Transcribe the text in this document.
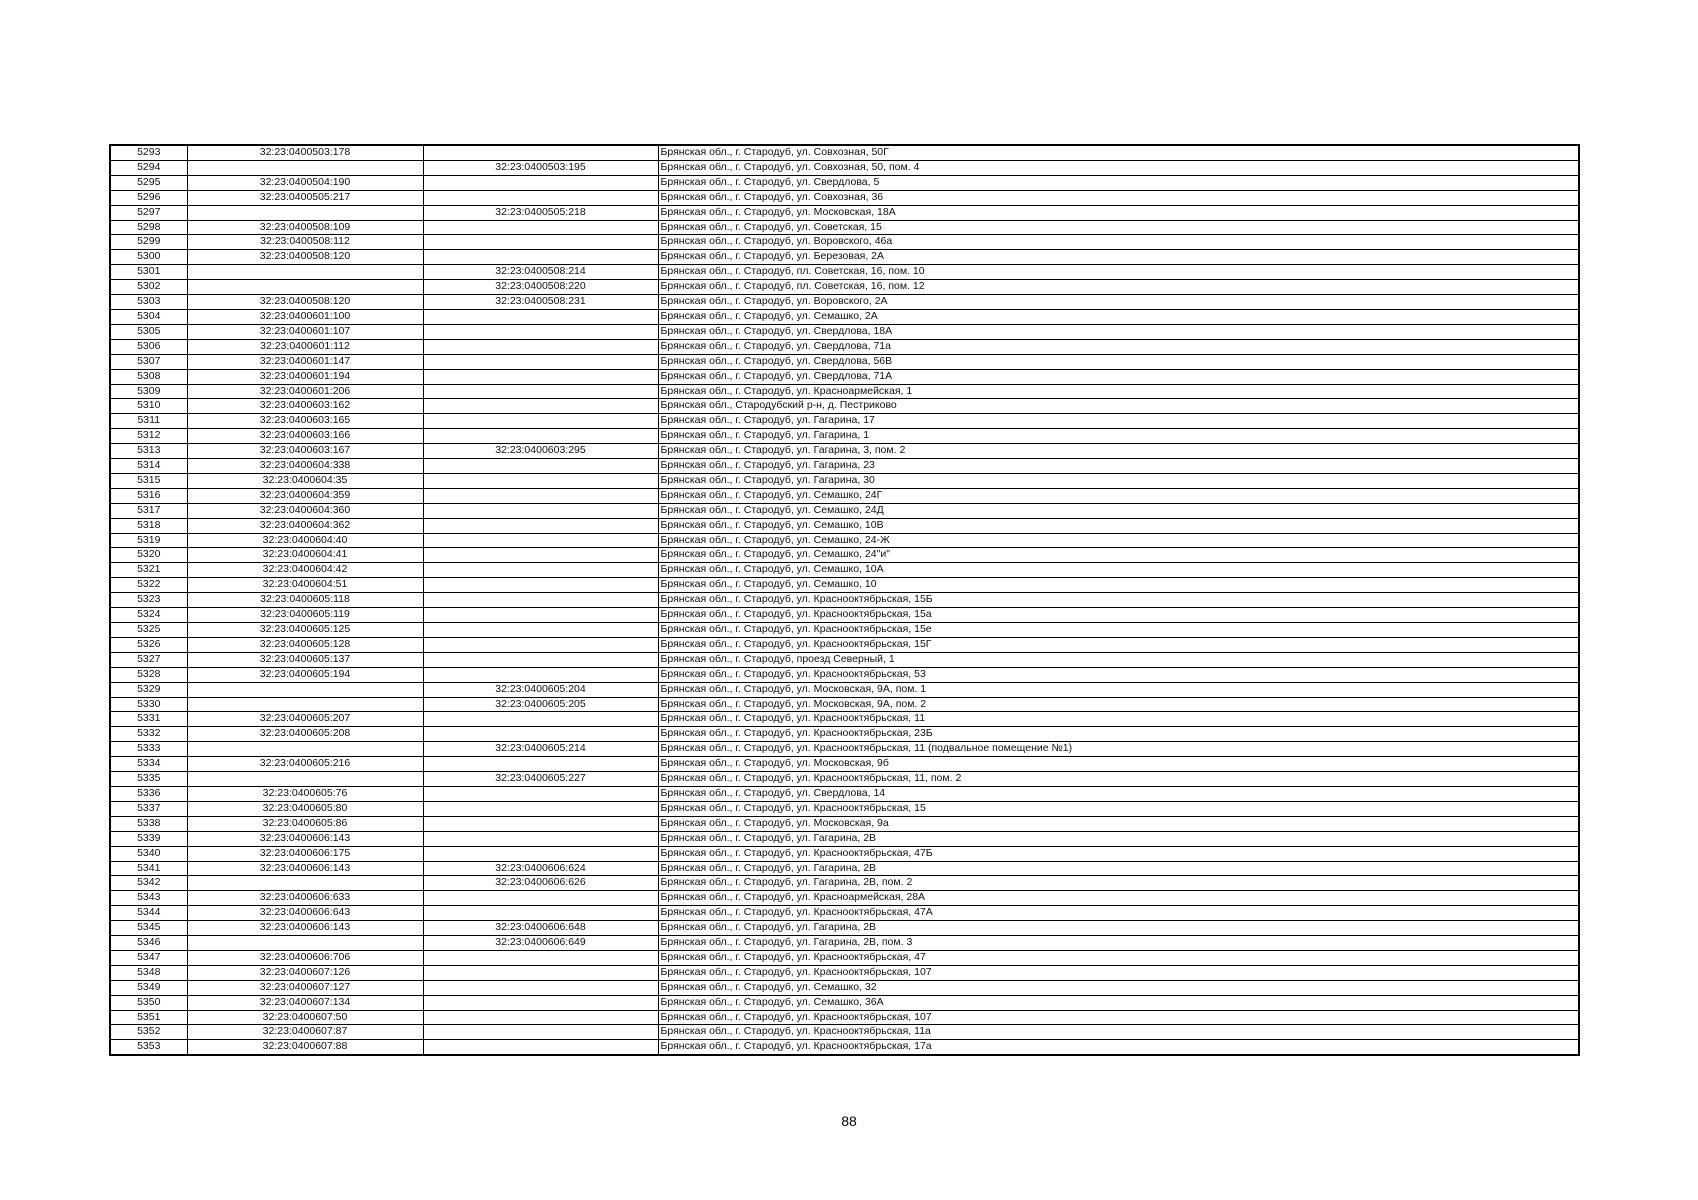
5293	32:23:0400503:178		Брянская обл., г. Стародуб, ул. Совхозная, 50Г
5294		32:23:0400503:195	Брянская обл., г. Стародуб, ул. Совхозная, 50, пом. 4
5295	32:23:0400504:190		Брянская обл., г. Стародуб, ул. Свердлова, 5
5296	32:23:0400505:217		Брянская обл., г. Стародуб, ул. Совхозная, 36
5297		32:23:0400505:218	Брянская обл., г. Стародуб, ул. Московская, 18А
5298	32:23:0400508:109		Брянская обл., г. Стародуб, ул. Советская, 15
5299	32:23:0400508:112		Брянская обл., г. Стародуб, ул. Воровского, 46а
5300	32:23:0400508:120		Брянская обл., г. Стародуб, ул. Березовая, 2А
5301		32:23:0400508:214	Брянская обл., г. Стародуб, пл. Советская, 16, пом. 10
5302		32:23:0400508:220	Брянская обл., г. Стародуб, пл. Советская, 16, пом. 12
5303	32:23:0400508:120	32:23:0400508:231	Брянская обл., г. Стародуб, ул. Воровского, 2А
5304	32:23:0400601:100		Брянская обл., г. Стародуб, ул. Семашко, 2А
5305	32:23:0400601:107		Брянская обл., г. Стародуб, ул. Свердлова, 18А
5306	32:23:0400601:112		Брянская обл., г. Стародуб, ул. Свердлова, 71а
5307	32:23:0400601:147		Брянская обл., г. Стародуб, ул. Свердлова, 56В
5308	32:23:0400601:194		Брянская обл., г. Стародуб, ул. Свердлова, 71А
5309	32:23:0400601:206		Брянская обл., г. Стародуб, ул. Красноармейская, 1
5310	32:23:0400603:162		Брянская обл., Стародубский р-н, д. Пестриково
5311	32:23:0400603:165		Брянская обл., г. Стародуб, ул. Гагарина, 17
5312	32:23:0400603:166		Брянская обл., г. Стародуб, ул. Гагарина, 1
5313	32:23:0400603:167	32:23:0400603:295	Брянская обл., г. Стародуб, ул. Гагарина, 3, пом. 2
5314	32:23:0400604:338		Брянская обл., г. Стародуб, ул. Гагарина, 23
5315	32:23:0400604:35		Брянская обл., г. Стародуб, ул. Гагарина, 30
5316	32:23:0400604:359		Брянская обл., г. Стародуб, ул. Семашко, 24Г
5317	32:23:0400604:360		Брянская обл., г. Стародуб, ул. Семашко, 24Д
5318	32:23:0400604:362		Брянская обл., г. Стародуб, ул. Семашко, 10В
5319	32:23:0400604:40		Брянская обл., г. Стародуб, ул. Семашко, 24-Ж
5320	32:23:0400604:41		Брянская обл., г. Стародуб, ул. Семашко, 24"и"
5321	32:23:0400604:42		Брянская обл., г. Стародуб, ул. Семашко, 10А
5322	32:23:0400604:51		Брянская обл., г. Стародуб, ул. Семашко, 10
5323	32:23:0400605:118		Брянская обл., г. Стародуб, ул. Краснооктябрьская, 15Б
5324	32:23:0400605:119		Брянская обл., г. Стародуб, ул. Краснооктябрьская, 15а
5325	32:23:0400605:125		Брянская обл., г. Стародуб, ул. Краснооктябрьская, 15е
5326	32:23:0400605:128		Брянская обл., г. Стародуб, ул. Краснооктябрьская, 15Г
5327	32:23:0400605:137		Брянская обл., г. Стародуб, проезд Северный, 1
5328	32:23:0400605:194		Брянская обл., г. Стародуб, ул. Краснооктябрьская, 53
5329		32:23:0400605:204	Брянская обл., г. Стародуб, ул. Московская, 9А, пом. 1
5330		32:23:0400605:205	Брянская обл., г. Стародуб, ул. Московская, 9А, пом. 2
5331	32:23:0400605:207		Брянская обл., г. Стародуб, ул. Краснооктябрьская, 11
5332	32:23:0400605:208		Брянская обл., г. Стародуб, ул. Краснооктябрьская, 23Б
5333		32:23:0400605:214	Брянская обл., г. Стародуб, ул. Краснооктябрьская, 11 (подвальное помещение №1)
5334	32:23:0400605:216		Брянская обл., г. Стародуб, ул. Московская, 9б
5335		32:23:0400605:227	Брянская обл., г. Стародуб, ул. Краснооктябрьская, 11, пом. 2
5336	32:23:0400605:76		Брянская обл., г. Стародуб, ул. Свердлова, 14
5337	32:23:0400605:80		Брянская обл., г. Стародуб, ул. Краснооктябрьская, 15
5338	32:23:0400605:86		Брянская обл., г. Стародуб, ул. Московская, 9а
5339	32:23:0400606:143		Брянская обл., г. Стародуб, ул. Гагарина, 2В
5340	32:23:0400606:175		Брянская обл., г. Стародуб, ул. Краснооктябрьская, 47Б
5341	32:23:0400606:143	32:23:0400606:624	Брянская обл., г. Стародуб, ул. Гагарина, 2В
5342		32:23:0400606:626	Брянская обл., г. Стародуб, ул. Гагарина, 2В, пом. 2
5343	32:23:0400606:633		Брянская обл., г. Стародуб, ул. Красноармейская, 28А
5344	32:23:0400606:643		Брянская обл., г. Стародуб, ул. Краснооктябрьская, 47А
5345	32:23:0400606:143	32:23:0400606:648	Брянская обл., г. Стародуб, ул. Гагарина, 2В
5346		32:23:0400606:649	Брянская обл., г. Стародуб, ул. Гагарина, 2В, пом. 3
5347	32:23:0400606:706		Брянская обл., г. Стародуб, ул. Краснооктябрьская, 47
5348	32:23:0400607:126		Брянская обл., г. Стародуб, ул. Краснооктябрьская, 107
5349	32:23:0400607:127		Брянская обл., г. Стародуб, ул. Семашко, 32
5350	32:23:0400607:134		Брянская обл., г. Стародуб, ул. Семашко, 36А
5351	32:23:0400607:50		Брянская обл., г. Стародуб, ул. Краснооктябрьская, 107
5352	32:23:0400607:87		Брянская обл., г. Стародуб, ул. Краснооктябрьская, 11а
5353	32:23:0400607:88		Брянская обл., г. Стародуб, ул. Краснооктябрьская, 17а
88
